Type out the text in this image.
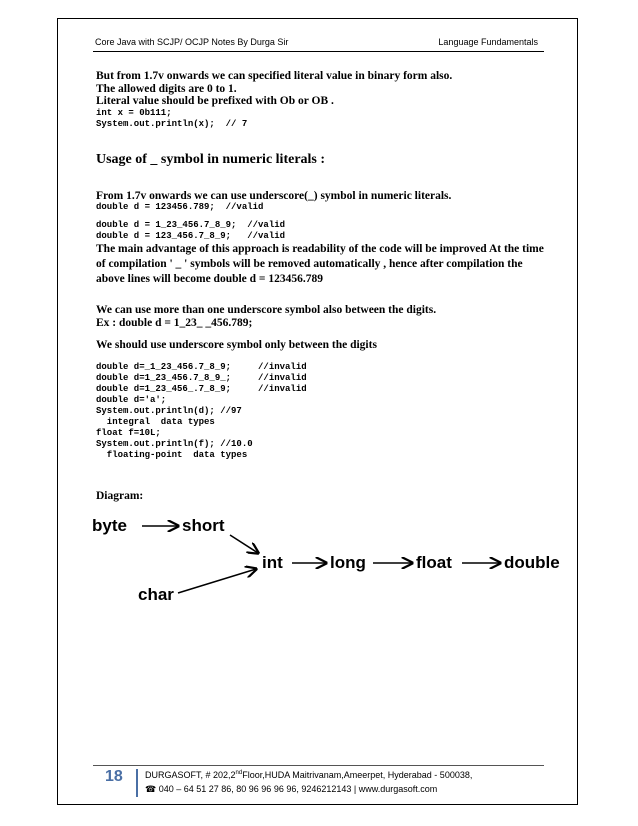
Core Java with SCJP/ OCJP Notes By Durga Sir	Language Fundamentals

But from 1.7v onwards we can specified literal value in binary form also.

The allowed digits are 0 to 1.

Literal value should be prefixed with Ob or OB .

int x = 0b111;
System.out.println(x);  // 7

Usage of _ symbol in numeric literals :

From 1.7v onwards we can use underscore(_) symbol in numeric literals.

double d = 123456.789;  //valid
double d = 1_23_456.7_8_9;  //valid
double d = 123_456.7_8_9;   //valid

The main advantage of this approach is readability of the code will be improved At the time of compilation ' _ ' symbols will be removed automatically , hence after compilation the above lines will become double d = 123456.789

We can use more than one underscore symbol also between the digits.

Ex : double d = 1_23_ _456.789;

We should use underscore symbol only between the digits

double d=_1_23_456.7_8_9;     //invalid
double d=1_23_456.7_8_9_;     //invalid
double d=1_23_456_.7_8_9;     //invalid
double d='a';
System.out.println(d); //97
integral  data types
float f=10L;
System.out.println(f); //10.0
floating-point  data types

Diagram:

byte	short
char
int	long	float	double
18 DURGASOFT, # 202,2ndFloor,HUDA Maitrivanam,Ameerpet, Hyderabad - 500038,
☎ 040 – 64 51 27 86, 80 96 96 96 96, 9246212143 | www.durgasoft.com
